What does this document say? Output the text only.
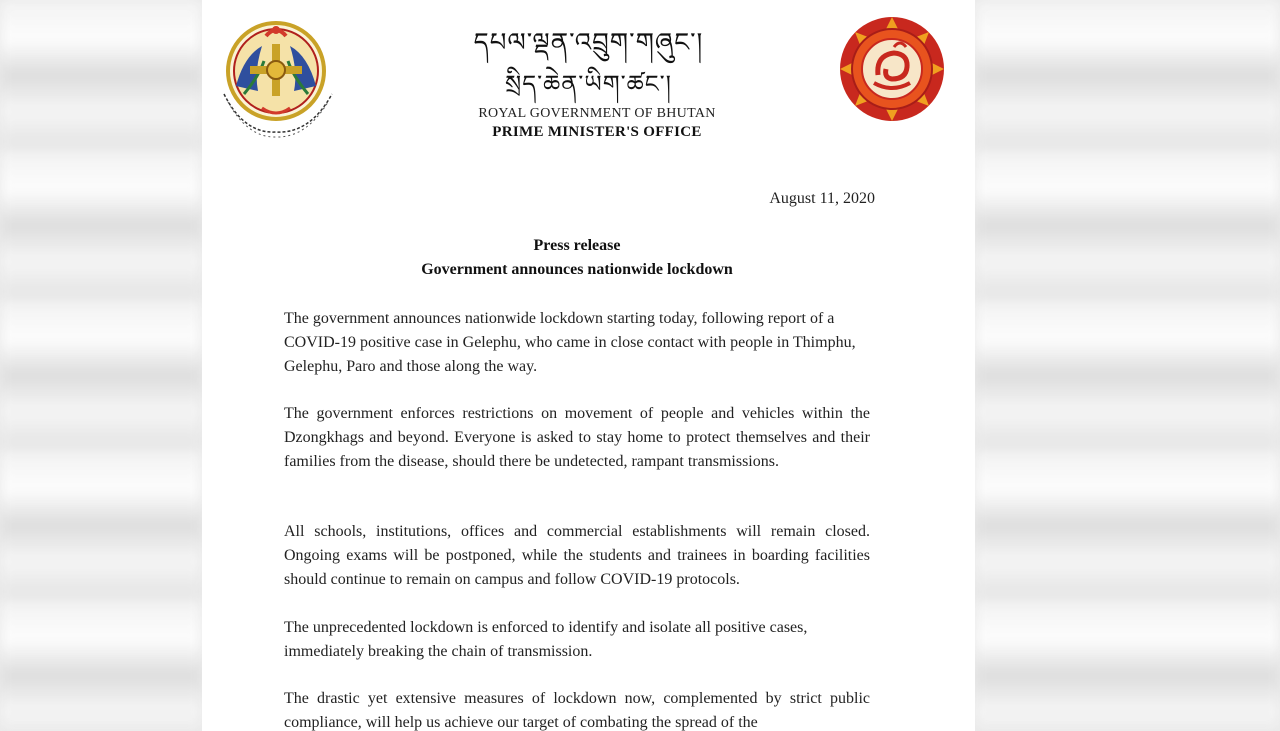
དཔལ་ལྡན་འབྲུག་གཞུང་།
སྲིད་ཆེན་ཡིག་ཚང་།
ROYAL GOVERNMENT OF BHUTAN
PRIME MINISTER'S OFFICE
August 11, 2020
Press release
Government announces nationwide lockdown

The government announces nationwide lockdown starting today, following report of a COVID-19 positive case in Gelephu, who came in close contact with people in Thimphu, Gelephu, Paro and those along the way.

The government enforces restrictions on movement of people and vehicles within the Dzongkhags and beyond. Everyone is asked to stay home to protect themselves and their families from the disease, should there be undetected, rampant transmissions.

All schools, institutions, offices and commercial establishments will remain closed. Ongoing exams will be postponed, while the students and trainees in boarding facilities should continue to remain on campus and follow COVID-19 protocols.

The unprecedented lockdown is enforced to identify and isolate all positive cases, immediately breaking the chain of transmission.

The drastic yet extensive measures of lockdown now, complemented by strict public compliance, will help us achieve our target of combating the spread of the
